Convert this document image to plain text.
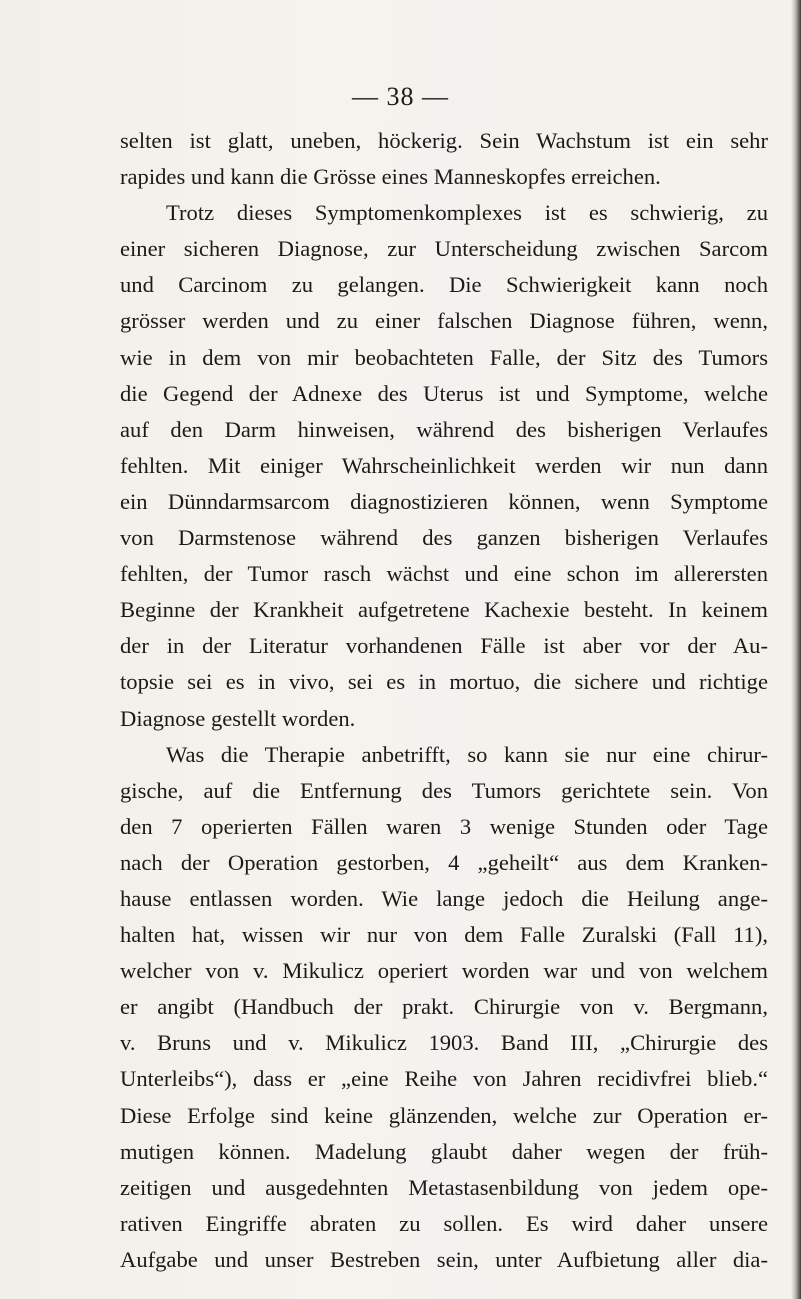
— 38 —
selten ist glatt, uneben, höckerig. Sein Wachstum ist ein sehr
rapides und kann die Grösse eines Manneskopfes erreichen.
Trotz dieses Symptomenkomplexes ist es schwierig, zu
einer sicheren Diagnose, zur Unterscheidung zwischen Sarcom
und Carcinom zu gelangen. Die Schwierigkeit kann noch
grösser werden und zu einer falschen Diagnose führen, wenn,
wie in dem von mir beobachteten Falle, der Sitz des Tumors
die Gegend der Adnexe des Uterus ist und Symptome, welche
auf den Darm hinweisen, während des bisherigen Verlaufes
fehlten. Mit einiger Wahrscheinlichkeit werden wir nun dann
ein Dünndarmsarcom diagnostizieren können, wenn Symptome
von Darmstenose während des ganzen bisherigen Verlaufes
fehlten, der Tumor rasch wächst und eine schon im allerersten
Beginne der Krankheit aufgetretene Kachexie besteht. In keinem
der in der Literatur vorhandenen Fälle ist aber vor der Au-
topsie sei es in vivo, sei es in mortuo, die sichere und richtige
Diagnose gestellt worden.
Was die Therapie anbetrifft, so kann sie nur eine chirur-
gische, auf die Entfernung des Tumors gerichtete sein. Von
den 7 operierten Fällen waren 3 wenige Stunden oder Tage
nach der Operation gestorben, 4 „geheilt“ aus dem Kranken-
hause entlassen worden. Wie lange jedoch die Heilung ange-
halten hat, wissen wir nur von dem Falle Zuralski (Fall 11),
welcher von v. Mikulicz operiert worden war und von welchem
er angibt (Handbuch der prakt. Chirurgie von v. Bergmann,
v. Bruns und v. Mikulicz 1903. Band III, „Chirurgie des
Unterleibs“), dass er „eine Reihe von Jahren recidivfrei blieb.“
Diese Erfolge sind keine glänzenden, welche zur Operation er-
mutigen können. Madelung glaubt daher wegen der früh-
zeitigen und ausgedehnten Metastasenbildung von jedem ope-
rativen Eingriffe abraten zu sollen. Es wird daher unsere
Aufgabe und unser Bestreben sein, unter Aufbietung aller dia-
